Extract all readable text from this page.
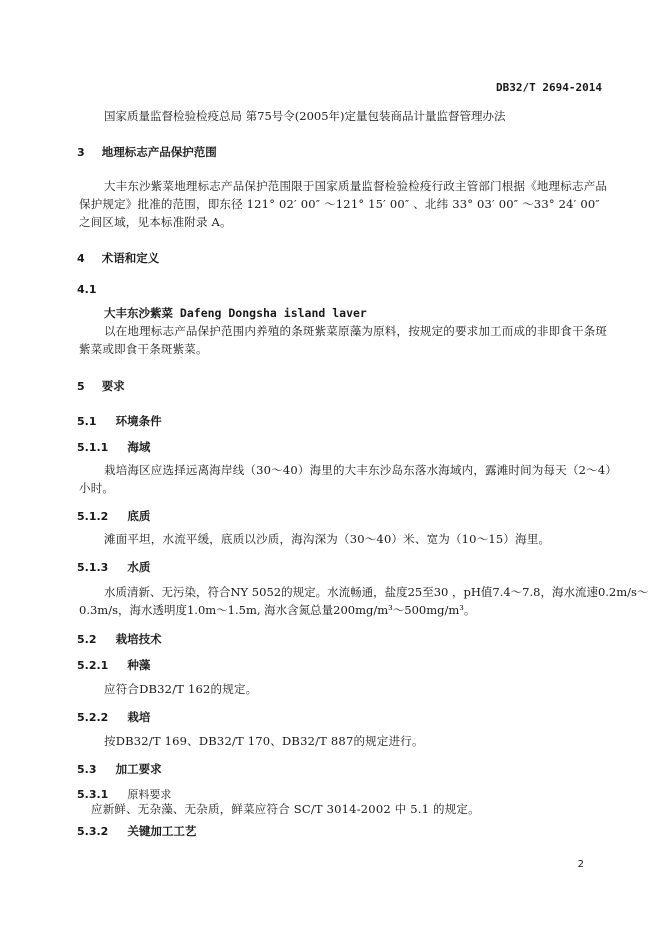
DB32/T 2694-2014
国家质量监督检验检疫总局 第75号令(2005年)定量包装商品计量监督管理办法
3 地理标志产品保护范围
大丰东沙紫菜地理标志产品保护范围限于国家质量监督检验检疫行政主管部门根据《地理标志产品
保护规定》批准的范围，即东径 121° 02′ 00″ ～121° 15′ 00″ 、北纬 33° 03′ 00″ ～33° 24′ 00″
之间区域，见本标准附录 A。
4 术语和定义
4.1
大丰东沙紫菜 Dafeng Dongsha island laver
以在地理标志产品保护范围内养殖的条斑紫菜原藻为原料，按规定的要求加工而成的非即食干条斑
紫菜或即食干条斑紫菜。
5 要求
5.1 环境条件
5.1.1 海域
栽培海区应选择远离海岸线（30～40）海里的大丰东沙岛东落水海域内，露滩时间为每天（2～4）
小时。
5.1.2 底质
滩面平坦，水流平缓，底质以沙质，海沟深为（30～40）米、宽为（10～15）海里。
5.1.3 水质
水质清新、无污染，符合NY 5052的规定。水流畅通，盐度25至30 ，pH值7.4～7.8，海水流速0.2m/s～
0.3m/s，海水透明度1.0m～1.5m, 海水含氮总量200mg/m³～500mg/m³。
5.2 栽培技术
5.2.1 种藻
应符合DB32/T 162的规定。
5.2.2 栽培
按DB32/T 169、DB32/T 170、DB32/T 887的规定进行。
5.3 加工要求
5.3.1 原料要求
应新鲜、无杂藻、无杂质，鲜菜应符合 SC/T 3014-2002 中 5.1 的规定。
5.3.2 关键加工工艺
2
